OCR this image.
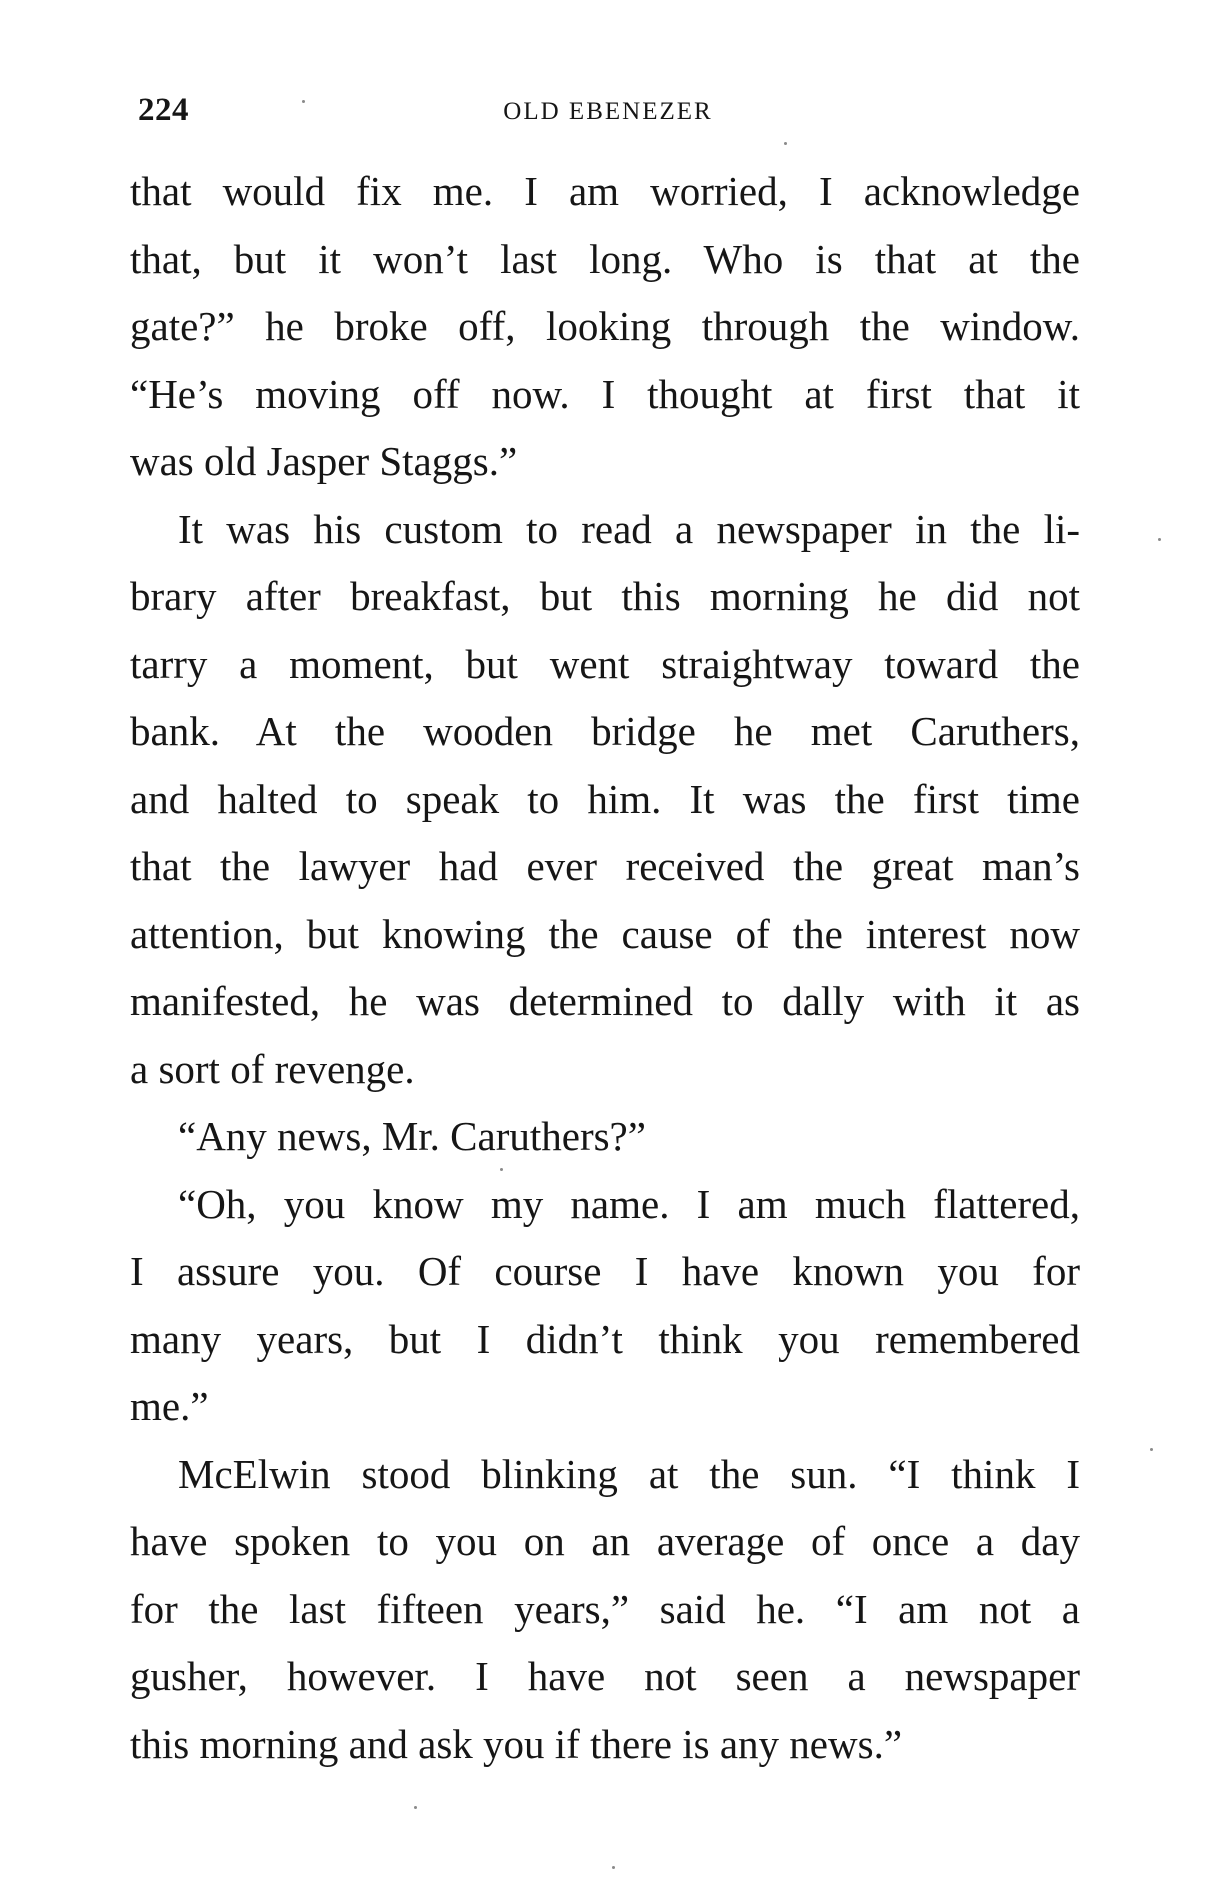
224	OLD EBENEZER
that would fix me. I am worried, I acknowledge
that, but it won’t last long. Who is that at the
gate?” he broke off, looking through the window.
“He’s moving off now. I thought at first that it
was old Jasper Staggs.”
It was his custom to read a newspaper in the li-
brary after breakfast, but this morning he did not
tarry a moment, but went straightway toward the
bank. At the wooden bridge he met Caruthers,
and halted to speak to him. It was the first time
that the lawyer had ever received the great man’s
attention, but knowing the cause of the interest now
manifested, he was determined to dally with it as
a sort of revenge.
“Any news, Mr. Caruthers?”
“Oh, you know my name. I am much flattered,
I assure you. Of course I have known you for
many years, but I didn’t think you remembered
me.”
McElwin stood blinking at the sun. “I think I
have spoken to you on an average of once a day
for the last fifteen years,” said he. “I am not a
gusher, however. I have not seen a newspaper
this morning and ask you if there is any news.”
